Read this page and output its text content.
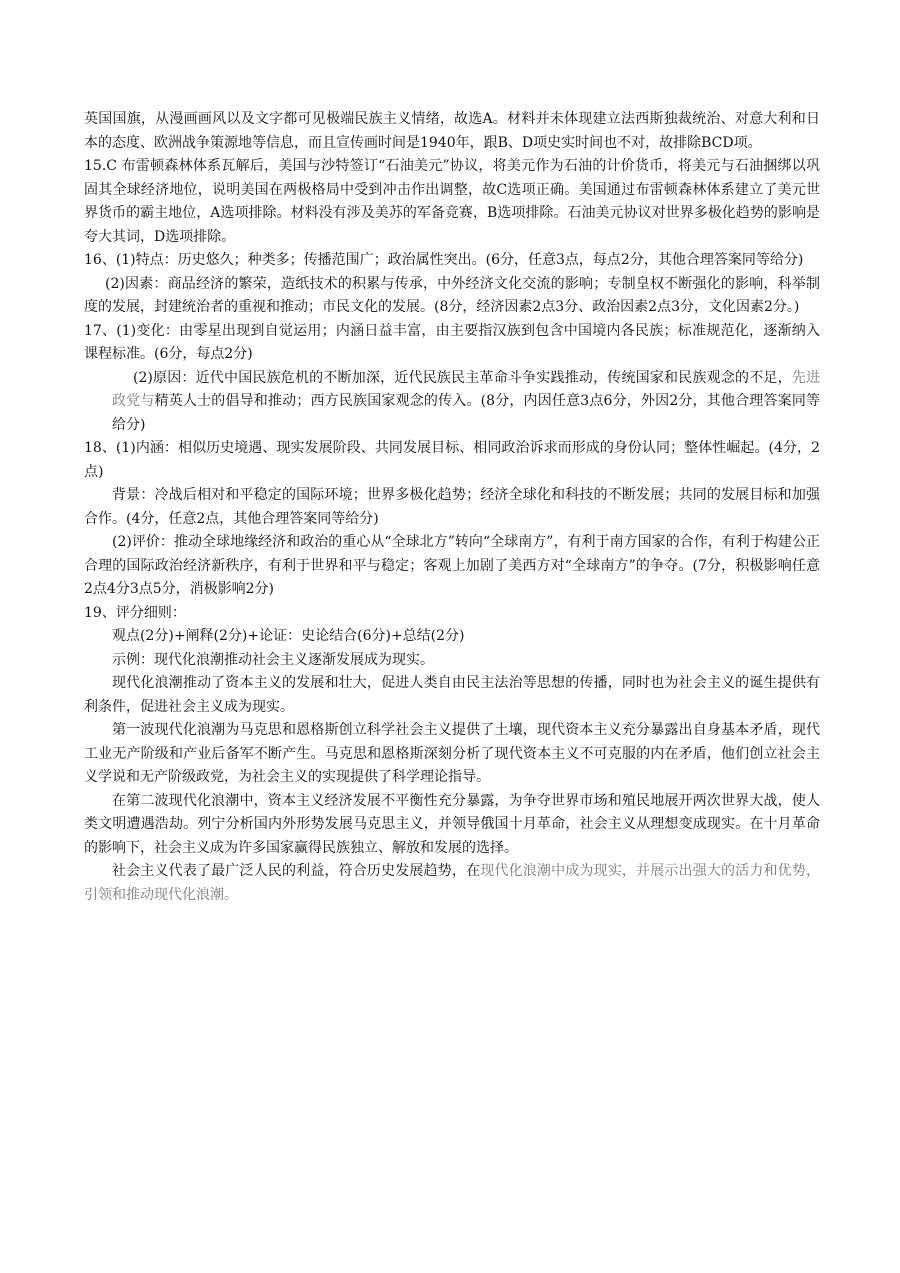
英国国旗，从漫画画风以及文字都可见极端民族主义情绪，故选A。材料并未体现建立法西斯独裁统治、对意大利和日本的态度、欧洲战争策源地等信息，而且宣传画时间是1940年，跟B、D项史实时间也不对，故排除BCD项。

15.C 布雷顿森林体系瓦解后，美国与沙特签订“石油美元”协议，将美元作为石油的计价货币，将美元与石油捆绑以巩固其全球经济地位，说明美国在两极格局中受到冲击作出调整，故C选项正确。美国通过布雷顿森林体系建立了美元世界货币的霸主地位，A选项排除。材料没有涉及美苏的军备竞赛，B选项排除。石油美元协议对世界多极化趋势的影响是夸大其词，D选项排除。

16、(1)特点：历史悠久；种类多；传播范围广；政治属性突出。(6分，任意3点，每点2分，其他合理答案同等给分)

(2)因素：商品经济的繁荣，造纸技术的积累与传承，中外经济文化交流的影响；专制皇权不断强化的影响，科举制度的发展，封建统治者的重视和推动；市民文化的发展。(8分，经济因素2点3分、政治因素2点3分，文化因素2分。)

17、(1)变化：由零星出现到自觉运用；内涵日益丰富，由主要指汉族到包含中国境内各民族；标准规范化，逐渐纳入课程标准。(6分，每点2分)

(2)原因：近代中国民族危机的不断加深，近代民族民主革命斗争实践推动，传统国家和民族观念的不足，先进政党与精英人士的倡导和推动；西方民族国家观念的传入。(8分，内因任意3点6分，外因2分，其他合理答案同等给分)

18、(1)内涵：相似历史境遇、现实发展阶段、共同发展目标、相同政治诉求而形成的身份认同；整体性崛起。(4分，2点)

背景：冷战后相对和平稳定的国际环境；世界多极化趋势；经济全球化和科技的不断发展；共同的发展目标和加强合作。(4分，任意2点，其他合理答案同等给分)

(2)评价：推动全球地缘经济和政治的重心从“全球北方”转向“全球南方”，有利于南方国家的合作，有利于构建公正合理的国际政治经济新秩序，有利于世界和平与稳定；客观上加剧了美西方对“全球南方”的争夺。(7分，积极影响任意2点4分3点5分，消极影响2分)

19、评分细则：

观点(2分)+阐释(2分)+论证：史论结合(6分)+总结(2分)

示例：现代化浪潮推动社会主义逐渐发展成为现实。

现代化浪潮推动了资本主义的发展和壮大，促进人类自由民主法治等思想的传播，同时也为社会主义的诞生提供有利条件，促进社会主义成为现实。

第一波现代化浪潮为马克思和恩格斯创立科学社会主义提供了土壤，现代资本主义充分暴露出自身基本矛盾，现代工业无产阶级和产业后备军不断产生。马克思和恩格斯深刻分析了现代资本主义不可克服的内在矛盾，他们创立社会主义学说和无产阶级政党，为社会主义的实现提供了科学理论指导。

在第二波现代化浪潮中，资本主义经济发展不平衡性充分暴露，为争夺世界市场和殖民地展开两次世界大战，使人类文明遭遇浩劫。列宁分析国内外形势发展马克思主义，并领导俄国十月革命，社会主义从理想变成现实。在十月革命的影响下，社会主义成为许多国家赢得民族独立、解放和发展的选择。

社会主义代表了最广泛人民的利益，符合历史发展趋势，在现代化浪潮中成为现实，并展示出强大的活力和优势，引领和推动现代化浪潮。
